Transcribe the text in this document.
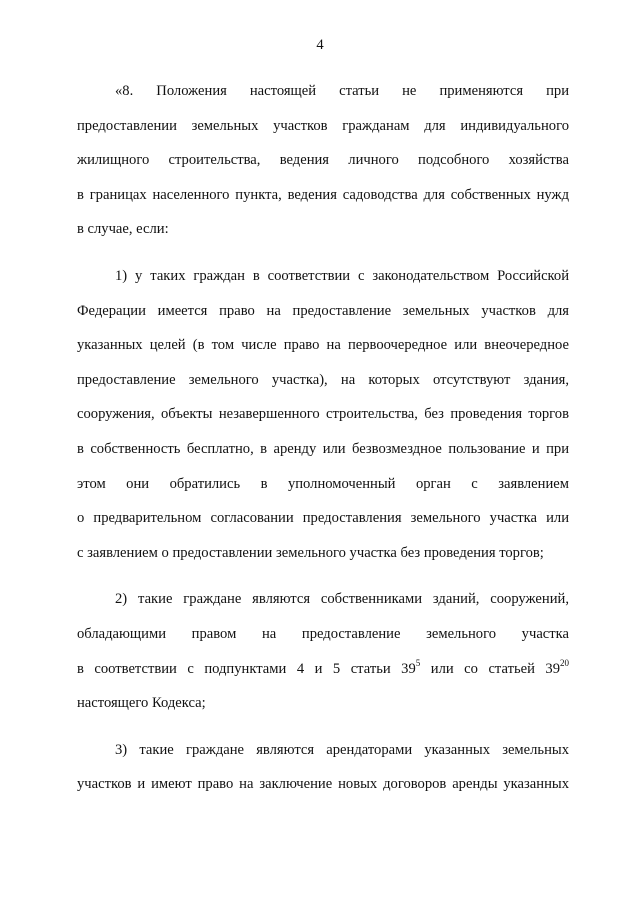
4

«8. Положения настоящей статьи не применяются при
предоставлении земельных участков гражданам для индивидуального
жилищного строительства, ведения личного подсобного хозяйства
в границах населенного пункта, ведения садоводства для собственных нужд
в случае, если:

1) у таких граждан в соответствии с законодательством Российской
Федерации имеется право на предоставление земельных участков для
указанных целей (в том числе право на первоочередное или внеочередное
предоставление земельного участка), на которых отсутствуют здания,
сооружения, объекты незавершенного строительства, без проведения торгов
в собственность бесплатно, в аренду или безвозмездное пользование и при
этом они обратились в уполномоченный орган с заявлением
о предварительном согласовании предоставления земельного участка или
с заявлением о предоставлении земельного участка без проведения торгов;

2) такие граждане являются собственниками зданий, сооружений,
обладающими правом на предоставление земельного участка
в соответствии с подпунктами 4 и 5 статьи $39^5$ или со статьей $39^{20}$
настоящего Кодекса;

3) такие граждане являются арендаторами указанных земельных
участков и имеют право на заключение новых договоров аренды указанных
